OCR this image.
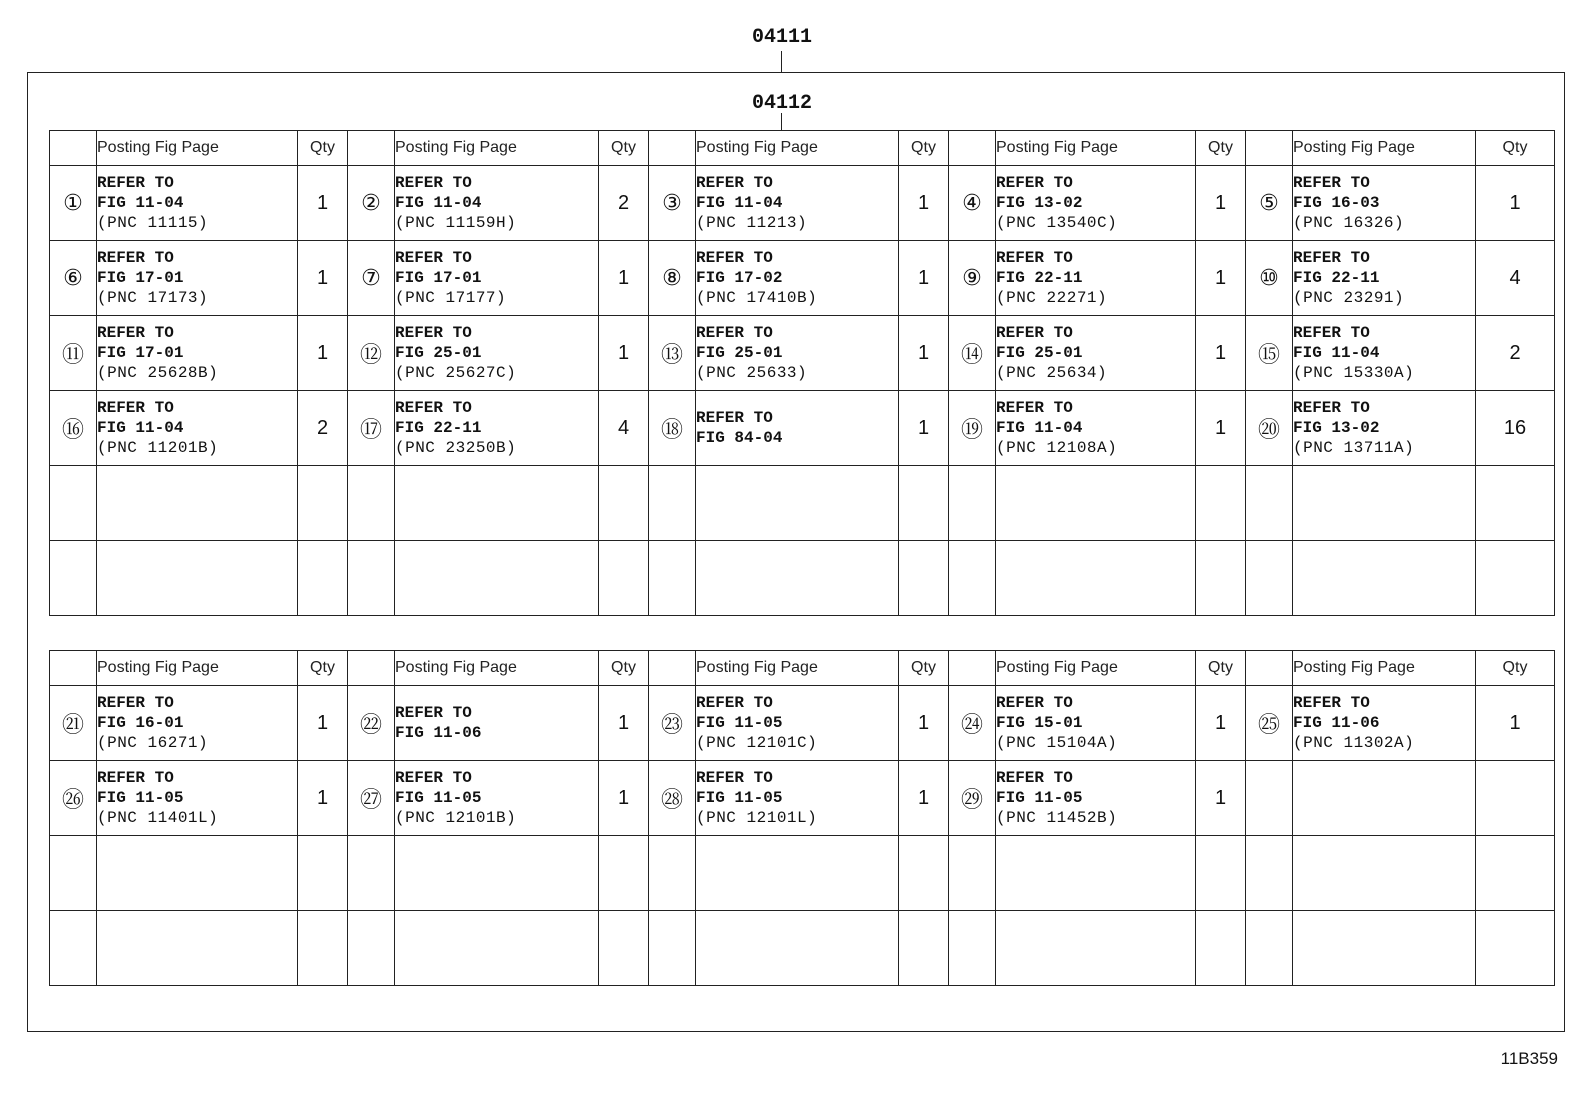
04111
04112
	Posting Fig Page	Qty		Posting Fig Page	Qty		Posting Fig Page	Qty		Posting Fig Page	Qty		Posting Fig Page	Qty
①	REFER TO
FIG 11-04
(PNC 11115)	1	②	REFER TO
FIG 11-04
(PNC 11159H)	2	③	REFER TO
FIG 11-04
(PNC 11213)	1	④	REFER TO
FIG 13-02
(PNC 13540C)	1	⑤	REFER TO
FIG 16-03
(PNC 16326)	1
⑥	REFER TO
FIG 17-01
(PNC 17173)	1	⑦	REFER TO
FIG 17-01
(PNC 17177)	1	⑧	REFER TO
FIG 17-02
(PNC 17410B)	1	⑨	REFER TO
FIG 22-11
(PNC 22271)	1	⑩	REFER TO
FIG 22-11
(PNC 23291)	4
⑪	REFER TO
FIG 17-01
(PNC 25628B)	1	⑫	REFER TO
FIG 25-01
(PNC 25627C)	1	⑬	REFER TO
FIG 25-01
(PNC 25633)	1	⑭	REFER TO
FIG 25-01
(PNC 25634)	1	⑮	REFER TO
FIG 11-04
(PNC 15330A)	2
⑯	REFER TO
FIG 11-04
(PNC 11201B)	2	⑰	REFER TO
FIG 22-11
(PNC 23250B)	4	⑱	REFER TO
FIG 84-04	1	⑲	REFER TO
FIG 11-04
(PNC 12108A)	1	⑳	REFER TO
FIG 13-02
(PNC 13711A)	16

	Posting Fig Page	Qty		Posting Fig Page	Qty		Posting Fig Page	Qty		Posting Fig Page	Qty		Posting Fig Page	Qty
㉑	REFER TO
FIG 16-01
(PNC 16271)	1	㉒	REFER TO
FIG 11-06	1	㉓	REFER TO
FIG 11-05
(PNC 12101C)	1	㉔	REFER TO
FIG 15-01
(PNC 15104A)	1	㉕	REFER TO
FIG 11-06
(PNC 11302A)	1
㉖	REFER TO
FIG 11-05
(PNC 11401L)	1	㉗	REFER TO
FIG 11-05
(PNC 12101B)	1	㉘	REFER TO
FIG 11-05
(PNC 12101L)	1	㉙	REFER TO
FIG 11-05
(PNC 11452B)	1			

11B359
